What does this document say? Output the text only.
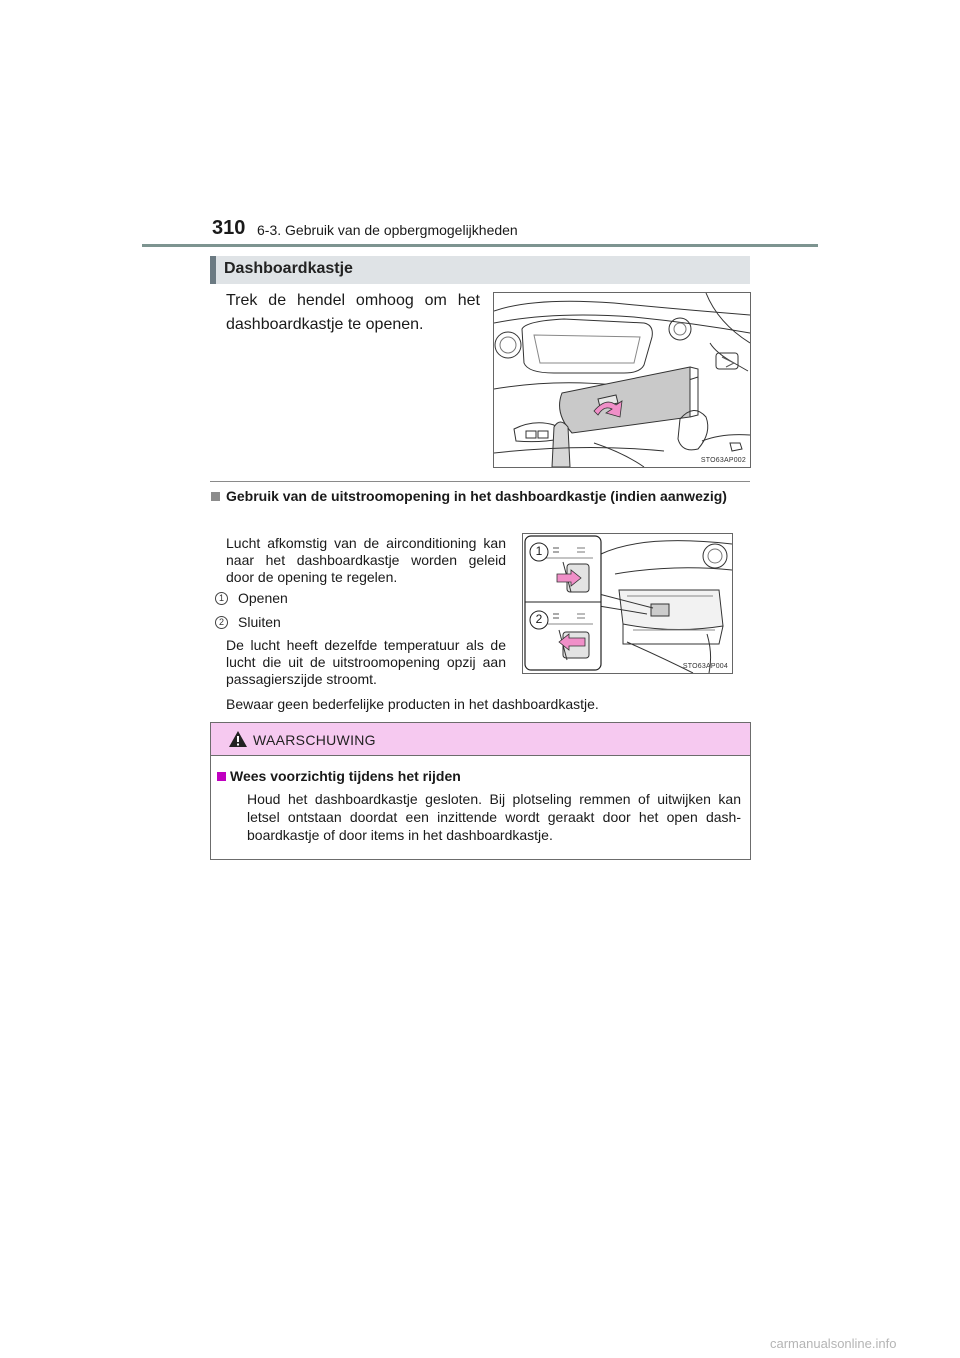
310 6-3. Gebruik van de opbergmogelijkheden
Dashboardkastje
Trek de hendel omhoog om het dashboardkastje te openen.
STO63AP002
Gebruik van de uitstroomopening in het dashboardkastje (indien aanwezig)
Lucht afkomstig van de airconditioning kan naar het dashboardkastje worden geleid door de opening te regelen.
1 Openen
2 Sluiten
De lucht heeft dezelfde temperatuur als de lucht die uit de uitstroomopening opzij aan passagierszijde stroomt.
Bewaar geen bederfelijke producten in het dashboardkastje.
1
2
STO63AP004
WAARSCHUWING
Wees voorzichtig tijdens het rijden
Houd het dashboardkastje gesloten. Bij plotseling remmen of uitwijken kan letsel ontstaan doordat een inzittende wordt geraakt door het open dash-boardkastje of door items in het dashboardkastje.
carmanualsonline.info
